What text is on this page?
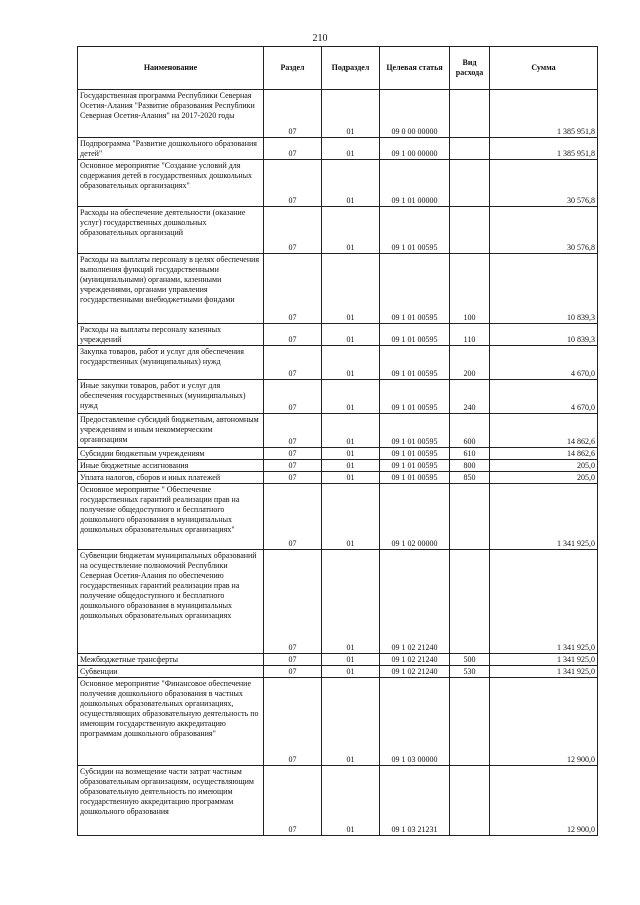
210
Наименование	Раздел	Подраздел	Целевая статья	Вид расхода	Сумма
Государственная программа Республики Северная Осетия-Алания "Развитие образования Республики Северная Осетия-Алания" на 2017-2020 годы	07	01	09 0 00 00000		1 385 951,8
Подпрограмма "Развитие дошкольного образования детей"	07	01	09 1 00 00000		1 385 951,8
Основное мероприятие "Создание условий для содержания детей в государственных дошкольных образовательных организациях"	07	01	09 1 01 00000		30 576,8
Расходы на обеспечение деятельности (оказание услуг) государственных дошкольных образовательных организаций	07	01	09 1 01 00595		30 576,8
Расходы на выплаты персоналу в целях обеспечения выполнения функций государственными (муниципальными) органами, казенными учреждениями, органами управления государственными внебюджетными фондами	07	01	09 1 01 00595	100	10 839,3
Расходы на выплаты персоналу казенных учреждений	07	01	09 1 01 00595	110	10 839,3
Закупка товаров, работ и услуг для обеспечения государственных (муниципальных) нужд	07	01	09 1 01 00595	200	4 670,0
Иные закупки товаров, работ и услуг для обеспечения государственных (муниципальных) нужд	07	01	09 1 01 00595	240	4 670,0
Предоставление субсидий бюджетным, автономным учреждениям и иным некоммерческим организациям	07	01	09 1 01 00595	600	14 862,6
Субсидии бюджетным учреждениям	07	01	09 1 01 00595	610	14 862,6
Иные бюджетные ассигнования	07	01	09 1 01 00595	800	205,0
Уплата налогов, сборов и иных платежей	07	01	09 1 01 00595	850	205,0
Основное мероприятие " Обеспечение государственных гарантий реализации прав на получение общедоступного и бесплатного дошкольного образования в муниципальных дошкольных образовательных организациях"	07	01	09 1 02 00000		1 341 925,0
Субвенции бюджетам муниципальных образований на осуществление полномочий Республики Северная Осетия-Алания по обеспечению государственных гарантий реализации прав на получение общедоступного и бесплатного дошкольного образования в муниципальных дошкольных образовательных организациях	07	01	09 1 02 21240		1 341 925,0
Межбюджетные трансферты	07	01	09 1 02 21240	500	1 341 925,0
Субвенции	07	01	09 1 02 21240	530	1 341 925,0
Основное мероприятие "Финансовое обеспечение получения дошкольного образования в частных дошкольных образовательных организациях, осуществляющих образовательную деятельность по имеющим государственную аккредитацию программам дошкольного образования"	07	01	09 1 03 00000		12 900,0
Субсидии на возмещение части затрат частным образовательным организациям, осуществляющим образовательную деятельность по имеющим государственную аккредитацию программам дошкольного образования	07	01	09 1 03 21231		12 900,0
